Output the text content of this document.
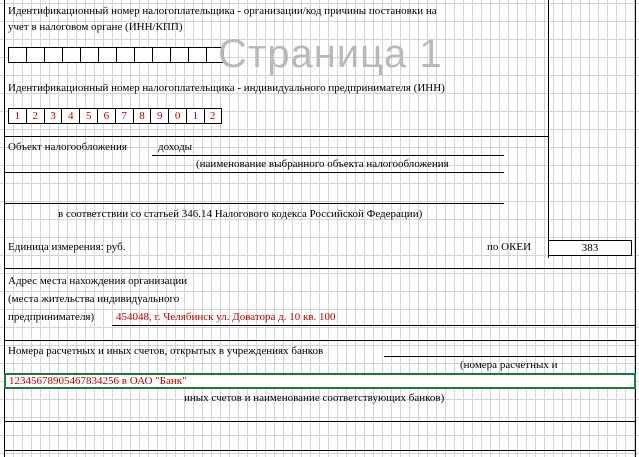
Идентификационный номер налогоплательщика - организации/код причины постановки на
учет в налоговом органе (ИНН/КПП)
Страница 1
Идентификационный номер налогоплательщика - индивидуального предпринимателя (ИНН)
1	2	3	4	5	6	7	8	9	0	1	2
Объект налогообложения	доходы
(наименование выбранного объекта налогообложения
в соответствии со статьей 346.14 Налогового кодекса Российской Федерации)
Единица измерения: руб.	по ОКЕИ	383
Адрес места нахождения организации
(места жительства индивидуального
предпринимателя) 454048, г. Челябинск ул. Доватора д. 10 кв. 100
Номера расчетных и иных счетов, открытых в учреждениях банков
(номера расчетных и
12345678905467834256 в ОАО "Банк"
иных счетов и наименование соответствующих банков)
